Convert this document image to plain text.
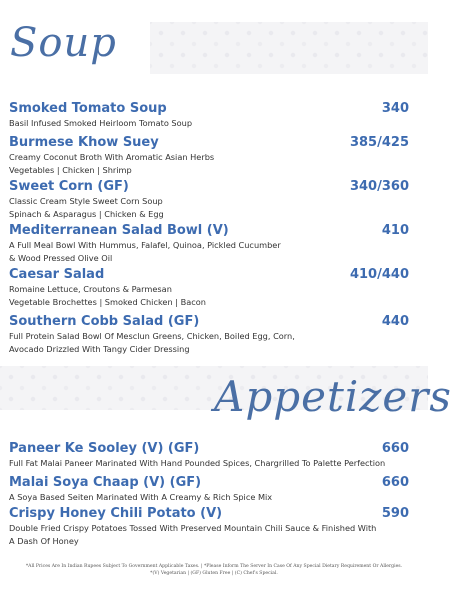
Soup
Appetizers
Smoked Tomato Soup	340
Basil Infused Smoked Heirloom Tomato Soup
Burmese Khow Suey	385/425
Creamy Coconut Broth With Aromatic Asian Herbs
Vegetables | Chicken | Shrimp
Sweet Corn (GF)	340/360
Classic Cream Style Sweet Corn Soup
Spinach & Asparagus | Chicken & Egg
Mediterranean Salad Bowl (V)	410
A Full Meal Bowl With Hummus, Falafel, Quinoa, Pickled Cucumber
& Wood Pressed Olive Oil
Caesar Salad	410/440
Romaine Lettuce, Croutons & Parmesan
Vegetable Brochettes | Smoked Chicken | Bacon
Southern Cobb Salad (GF)	440
Full Protein Salad Bowl Of Mesclun Greens, Chicken, Boiled Egg, Corn,
Avocado Drizzled With Tangy Cider Dressing
Paneer Ke Sooley (V) (GF)	660
Full Fat Malai Paneer Marinated With Hand Pounded Spices, Chargrilled To Palette Perfection
Malai Soya Chaap (V) (GF)	660
A Soya Based Seiten Marinated With A Creamy & Rich Spice Mix
Crispy Honey Chili Potato (V)	590
Double Fried Crispy Potatoes Tossed With Preserved Mountain Chili Sauce & Finished With
A Dash Of Honey
*All Prices Are In Indian Rupees Subject To Government Applicable Taxes. | *Please Inform The Server In Case Of Any Special Dietary Requirement Or Allergies.
*(V) Vegetarian | (GF) Gluten Free | (C) Chef's Special.
